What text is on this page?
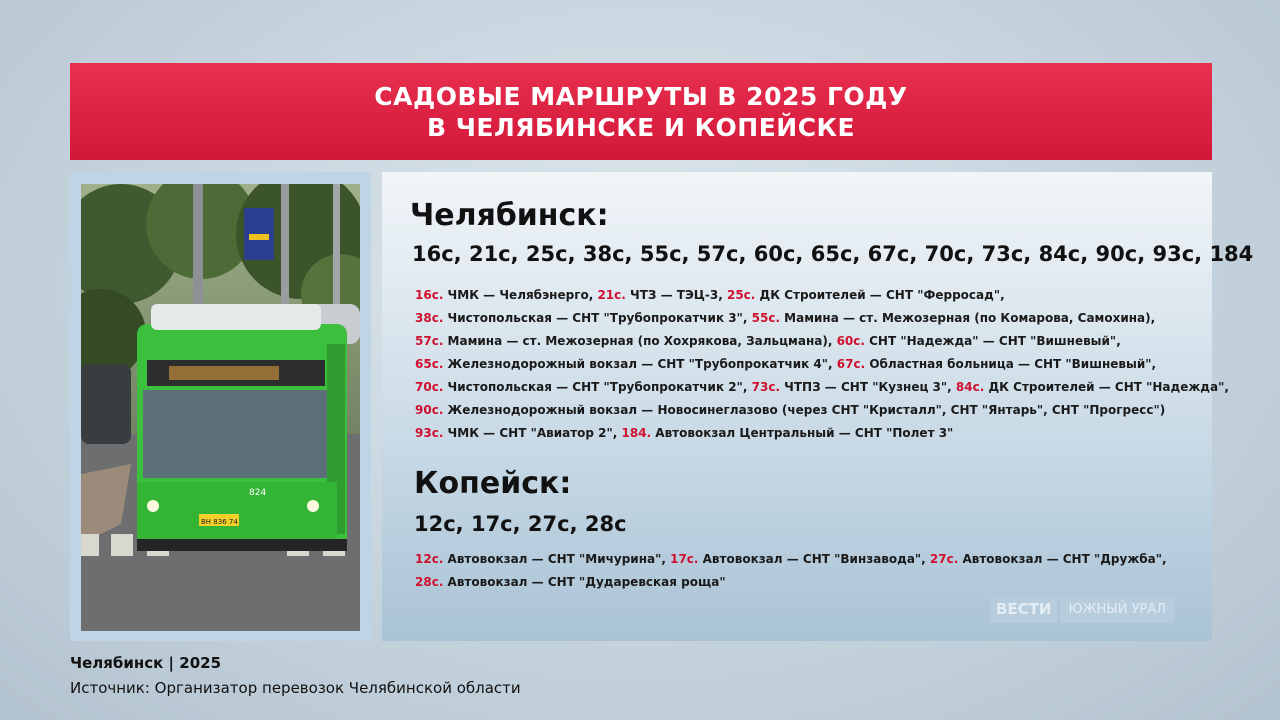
САДОВЫЕ МАРШРУТЫ В 2025 ГОДУ
В ЧЕЛЯБИНСКЕ И КОПЕЙСКЕ
824
ВН 836 74
Челябинск:
16с, 21с, 25с, 38с, 55с, 57с, 60с, 65с, 67с, 70с, 73с, 84с, 90с, 93с, 184
16с. ЧМК — Челябэнерго, 21с. ЧТЗ — ТЭЦ-3, 25с. ДК Строителей — СНТ "Ферросад",
38с. Чистопольская — СНТ "Трубопрокатчик 3", 55с. Мамина — ст. Межозерная (по Комарова, Самохина),
57с. Мамина — ст. Межозерная (по Хохрякова, Зальцмана), 60с. СНТ "Надежда" — СНТ "Вишневый",
65с. Железнодорожный вокзал — СНТ "Трубопрокатчик 4", 67с. Областная больница — СНТ "Вишневый",
70с. Чистопольская — СНТ "Трубопрокатчик 2", 73с. ЧТПЗ — СНТ "Кузнец 3", 84с. ДК Строителей — СНТ "Надежда",
90с. Железнодорожный вокзал — Новосинеглазово (через СНТ "Кристалл", СНТ "Янтарь", СНТ "Прогресс")
93с. ЧМК — СНТ "Авиатор 2", 184. Автовокзал Центральный — СНТ "Полет 3"
Копейск:
12с, 17с, 27с, 28с
12с. Автовокзал — СНТ "Мичурина", 17с. Автовокзал — СНТ "Винзавода", 27с. Автовокзал — СНТ "Дружба",
28с. Автовокзал — СНТ "Дударевская роща"
ВЕСТИ	ЮЖНЫЙ УРАЛ
Челябинск | 2025
Источник: Организатор перевозок Челябинской области
